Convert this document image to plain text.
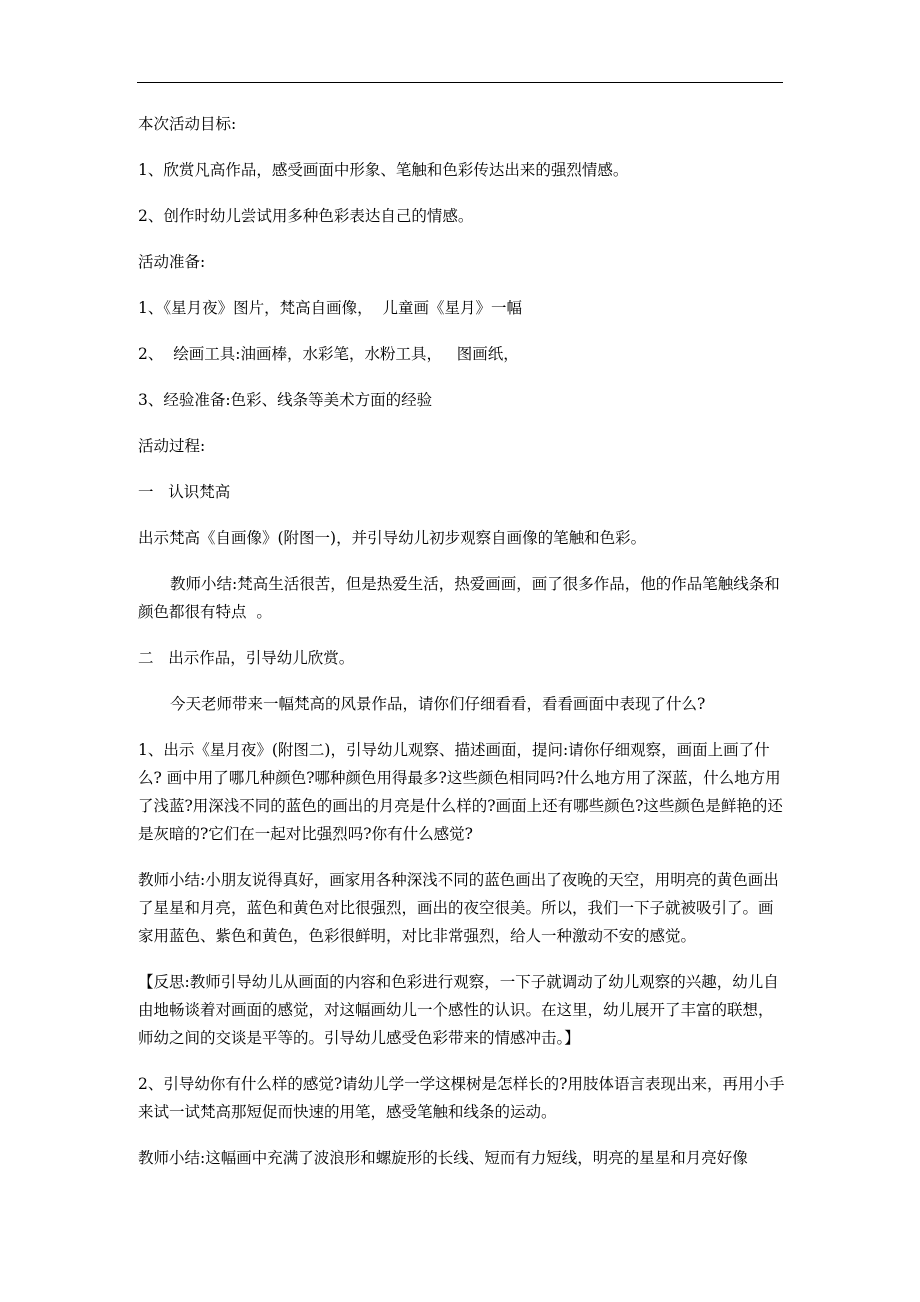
本次活动目标:

1、欣赏凡高作品，感受画面中形象、笔触和色彩传达出来的强烈情感。

2、创作时幼儿尝试用多种色彩表达自己的情感。

活动准备:

1、《星月夜》图片，梵高自画像，  儿童画《星月》一幅

2、  绘画工具:油画棒，水彩笔，水粉工具，   图画纸，

3、经验准备:色彩、线条等美术方面的经验

活动过程:

一   认识梵高

出示梵高《自画像》(附图一)，并引导幼儿初步观察自画像的笔触和色彩。

教师小结:梵高生活很苦，但是热爱生活，热爱画画，画了很多作品，他的作品笔触线条和颜色都很有特点  。

二   出示作品，引导幼儿欣赏。

今天老师带来一幅梵高的风景作品，请你们仔细看看，看看画面中表现了什么?

1、出示《星月夜》(附图二)，引导幼儿观察、描述画面，提问:请你仔细观察，画面上画了什么? 画中用了哪几种颜色?哪种颜色用得最多?这些颜色相同吗?什么地方用了深蓝，什么地方用了浅蓝?用深浅不同的蓝色的画出的月亮是什么样的?画面上还有哪些颜色?这些颜色是鲜艳的还是灰暗的?它们在一起对比强烈吗?你有什么感觉?

教师小结:小朋友说得真好，画家用各种深浅不同的蓝色画出了夜晚的天空，用明亮的黄色画出了星星和月亮，蓝色和黄色对比很强烈，画出的夜空很美。所以，我们一下子就被吸引了。画家用蓝色、紫色和黄色，色彩很鲜明，对比非常强烈，给人一种激动不安的感觉。

【反思:教师引导幼儿从画面的内容和色彩进行观察，一下子就调动了幼儿观察的兴趣，幼儿自由地畅谈着对画面的感觉，对这幅画幼儿一个感性的认识。在这里，幼儿展开了丰富的联想，师幼之间的交谈是平等的。引导幼儿感受色彩带来的情感冲击。】

2、引导幼你有什么样的感觉?请幼儿学一学这棵树是怎样长的?用肢体语言表现出来，再用小手来试一试梵高那短促而快速的用笔，感受笔触和线条的运动。

教师小结:这幅画中充满了波浪形和螺旋形的长线、短而有力短线，明亮的星星和月亮好像
